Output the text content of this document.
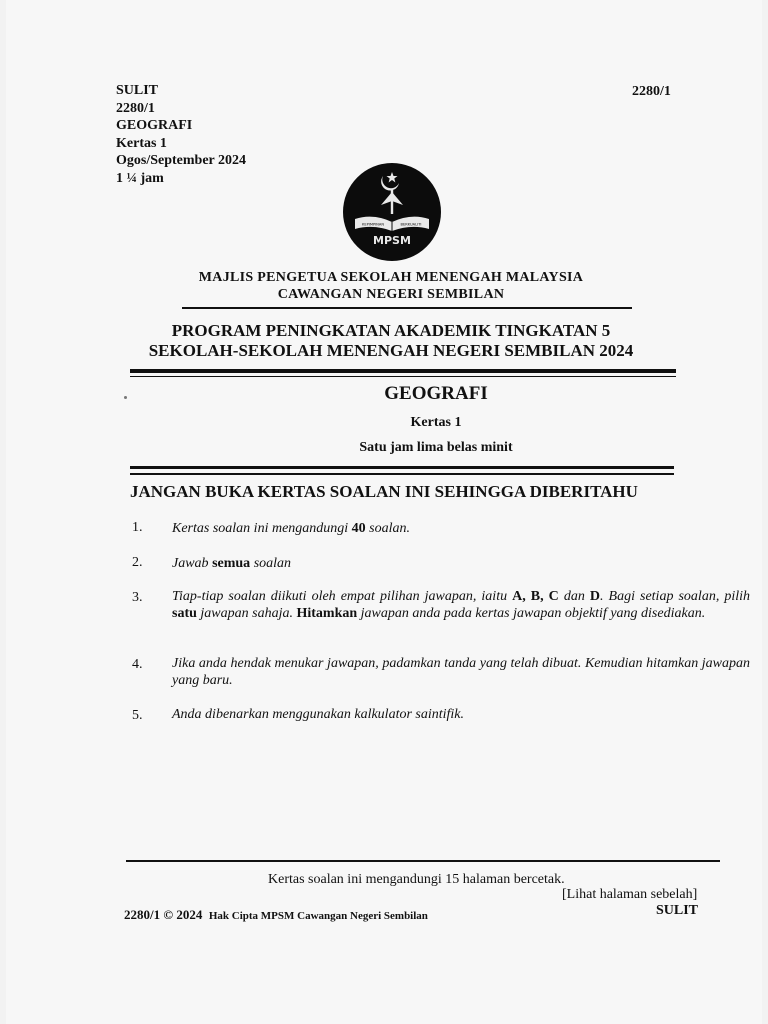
SULIT
2280/1
GEOGRAFI
Kertas 1
Ogos/September 2024
1 ¼ jam
2280/1
KEPIMPINAN	BERKUALITI
MPSM
MAJLIS PENGETUA SEKOLAH MENENGAH MALAYSIA
CAWANGAN NEGERI SEMBILAN
PROGRAM PENINGKATAN AKADEMIK TINGKATAN 5
SEKOLAH-SEKOLAH MENENGAH NEGERI SEMBILAN 2024
GEOGRAFI
Kertas 1
Satu jam lima belas minit
JANGAN BUKA KERTAS SOALAN INI SEHINGGA DIBERITAHU
1. Kertas soalan ini mengandungi 40 soalan.
2. Jawab semua soalan
3. Tiap-tiap soalan diikuti oleh empat pilihan jawapan, iaitu A, B, C dan D. Bagi setiap soalan, pilih satu jawapan sahaja. Hitamkan jawapan anda pada kertas jawapan objektif yang disediakan.
4. Jika anda hendak menukar jawapan, padamkan tanda yang telah dibuat. Kemudian hitamkan jawapan yang baru.
5. Anda dibenarkan menggunakan kalkulator saintifik.
Kertas soalan ini mengandungi 15 halaman bercetak.
[Lihat halaman sebelah]
2280/1 © 2024 Hak Cipta MPSM Cawangan Negeri Sembilan	SULIT
